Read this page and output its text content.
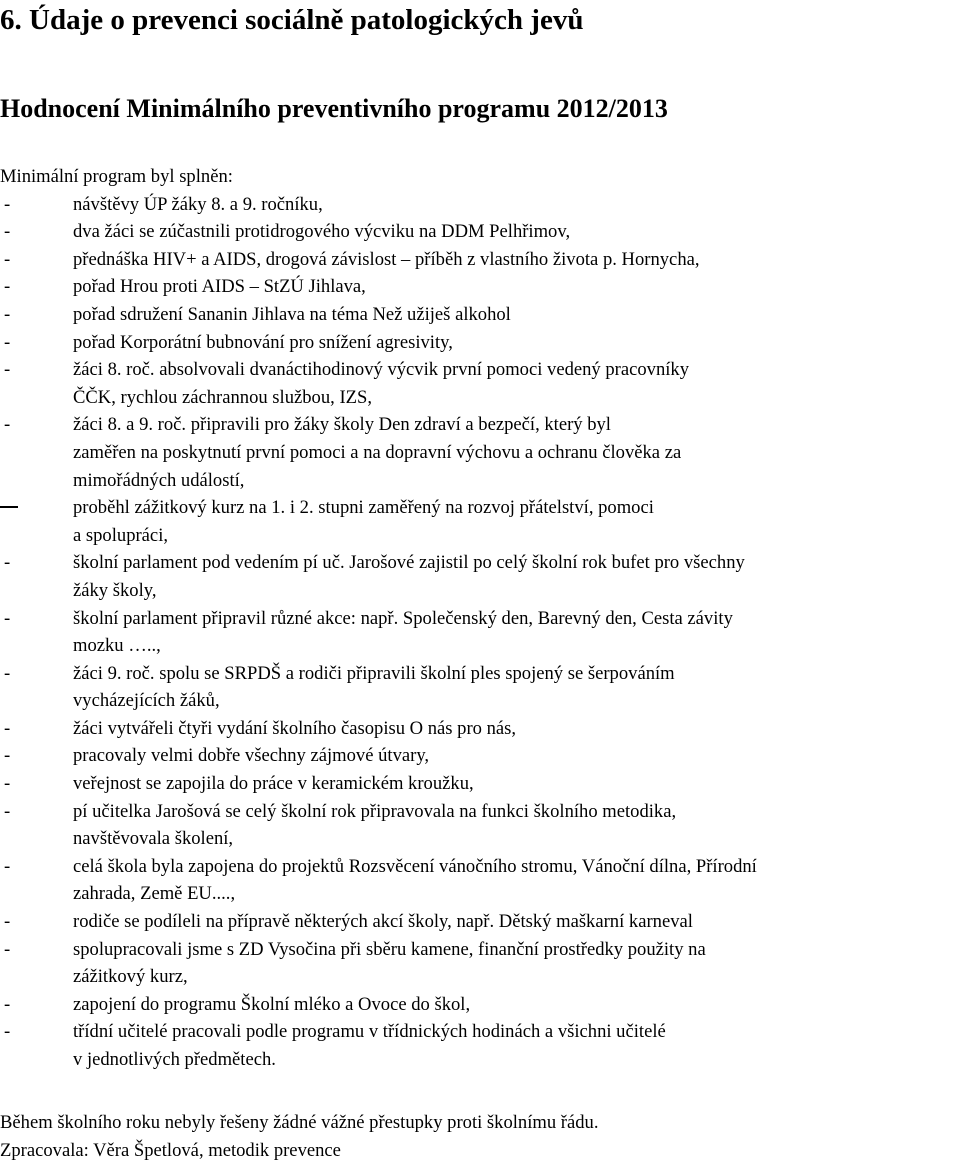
6. Údaje o prevenci sociálně patologických jevů
Hodnocení Minimálního preventivního programu 2012/2013

Minimální program byl splněn:

-	návštěvy ÚP žáky 8. a 9. ročníku,
-	dva žáci se zúčastnili protidrogového výcviku na DDM Pelhřimov,
-	přednáška HIV+ a AIDS, drogová závislost – příběh z vlastního života p. Hornycha,
-	pořad Hrou proti AIDS – StZÚ Jihlava,
-	pořad sdružení Sananin Jihlava na téma Než užiješ alkohol
-	pořad Korporátní bubnování pro snížení agresivity,
-	žáci 8. roč. absolvovali dvanáctihodinový výcvik první pomoci vedený pracovníky
ČČK, rychlou záchrannou službou, IZS,
-	žáci 8. a 9. roč. připravili pro žáky školy Den zdraví a bezpečí, který byl
zaměřen na poskytnutí první pomoci a na dopravní výchovu a ochranu člověka za
mimořádných událostí,
proběhl zážitkový kurz na 1. i 2. stupni zaměřený na rozvoj přátelství, pomoci
a spolupráci,
-	školní parlament pod vedením pí uč. Jarošové zajistil po celý školní rok bufet pro všechny
žáky školy,
-	školní parlament připravil různé akce: např. Společenský den, Barevný den, Cesta závity
mozku …..,
-	žáci 9. roč. spolu se SRPDŠ a rodiči připravili školní ples spojený se šerpováním
vycházejících žáků,
-	žáci vytvářeli čtyři vydání školního časopisu O nás pro nás,
-	pracovaly velmi dobře všechny zájmové útvary,
-	veřejnost se zapojila do práce v keramickém kroužku,
-	pí učitelka Jarošová se celý školní rok připravovala na funkci školního metodika,
navštěvovala školení,
-	celá škola byla zapojena do projektů Rozsvěcení vánočního stromu, Vánoční dílna, Přírodní
zahrada, Země EU....,
-	rodiče se podíleli na přípravě některých akcí školy, např. Dětský maškarní karneval
-	spolupracovali jsme s ZD Vysočina při sběru kamene, finanční prostředky použity na
zážitkový kurz,
-	zapojení do programu Školní mléko a Ovoce do škol,
-	třídní učitelé pracovali podle programu v třídnických hodinách a všichni učitelé
v jednotlivých předmětech.
Během školního roku nebyly řešeny žádné vážné přestupky proti školnímu řádu.
Zpracovala: Věra Špetlová, metodik prevence
